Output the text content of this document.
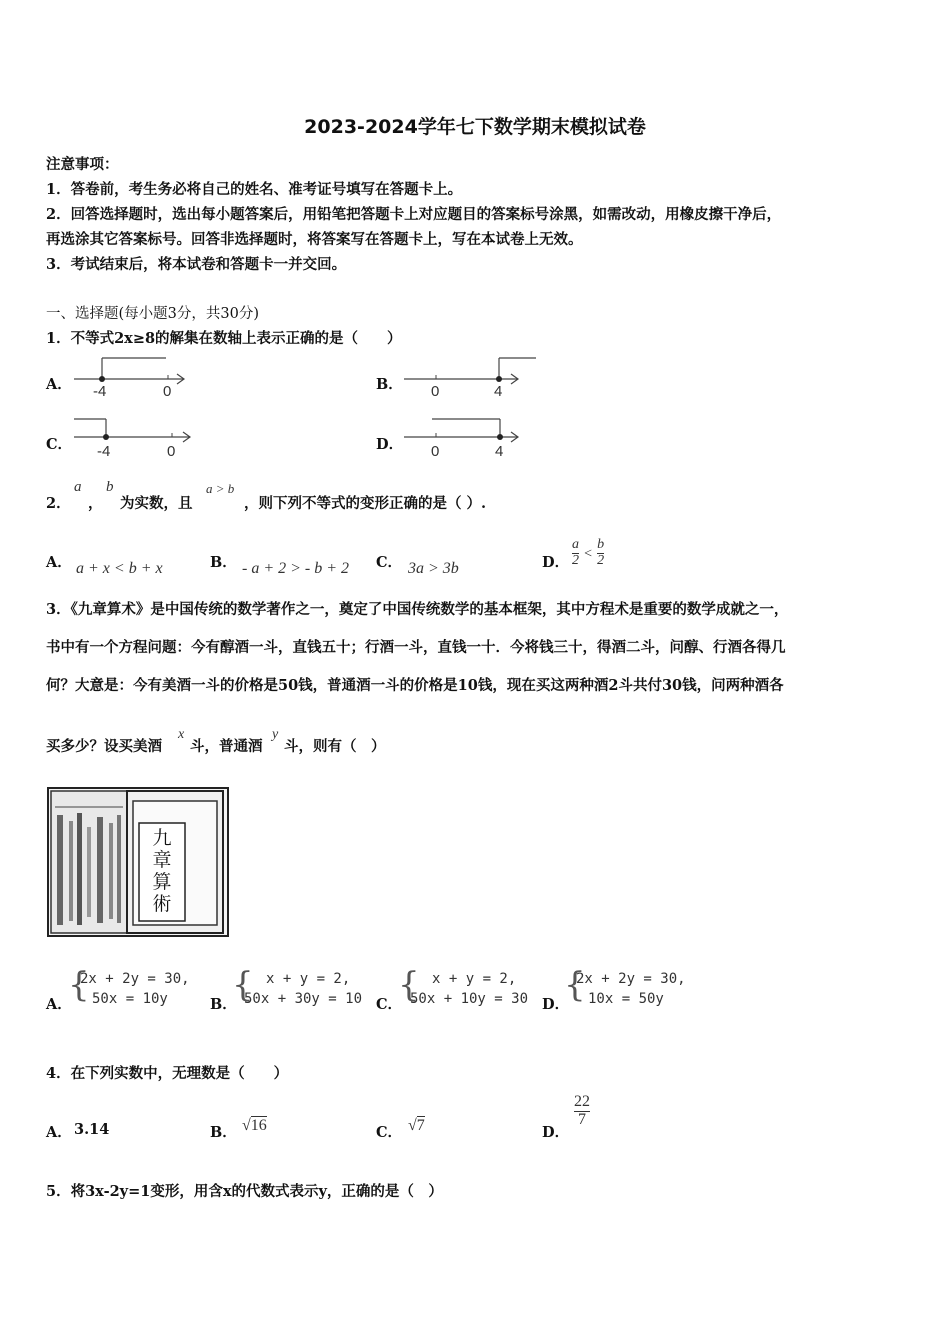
2023-2024学年七下数学期末模拟试卷
注意事项：
1．答卷前，考生务必将自己的姓名、准考证号填写在答题卡上。
2．回答选择题时，选出每小题答案后，用铅笔把答题卡上对应题目的答案标号涂黑，如需改动，用橡皮擦干净后，
再选涂其它答案标号。回答非选择题时，将答案写在答题卡上，写在本试卷上无效。
3．考试结束后，将本试卷和答题卡一并交回。
一、选择题(每小题3分，共30分)
1．不等式2x≥8的解集在数轴上表示正确的是（　　）
A． -4	0	B． 0	4
C． -4	0	D． 0	4
2．
a
，
b
为实数，且
a > b
，则下列不等式的变形正确的是（ ）.
A． a + x < b + x	B． - a + 2 > - b + 2 C． 3a > 3b	D． $\frac{a}{2} < \frac{b}{2}$
3．《九章算术》是中国传统的数学著作之一，奠定了中国传统数学的基本框架，其中方程术是重要的数学成就之一，
书中有一个方程问题：今有醇酒一斗，直钱五十；行酒一斗，直钱一十．今将钱三十，得酒二斗，问醇、行酒各得几
何？大意是：今有美酒一斗的价格是50钱，普通酒一斗的价格是10钱，现在买这两种酒2斗共付30钱，问两种酒各
买多少？设买美酒
x
斗，普通酒
y
斗，则有（　）
九章算術
A．
{
2x + 2y = 30,
50x = 10y	B．
{ x + y = 2,
50x + 30y = 10 C．
{ x + y = 2,
50x + 10y = 30 D．
{
2x + 2y = 30,
10x = 50y
4．在下列实数中，无理数是（　　）
A． 3.14	B． √16	C． √7	D．
$\frac{22}{7}$
5．将3x-2y=1变形，用含x的代数式表示y，正确的是（　）
